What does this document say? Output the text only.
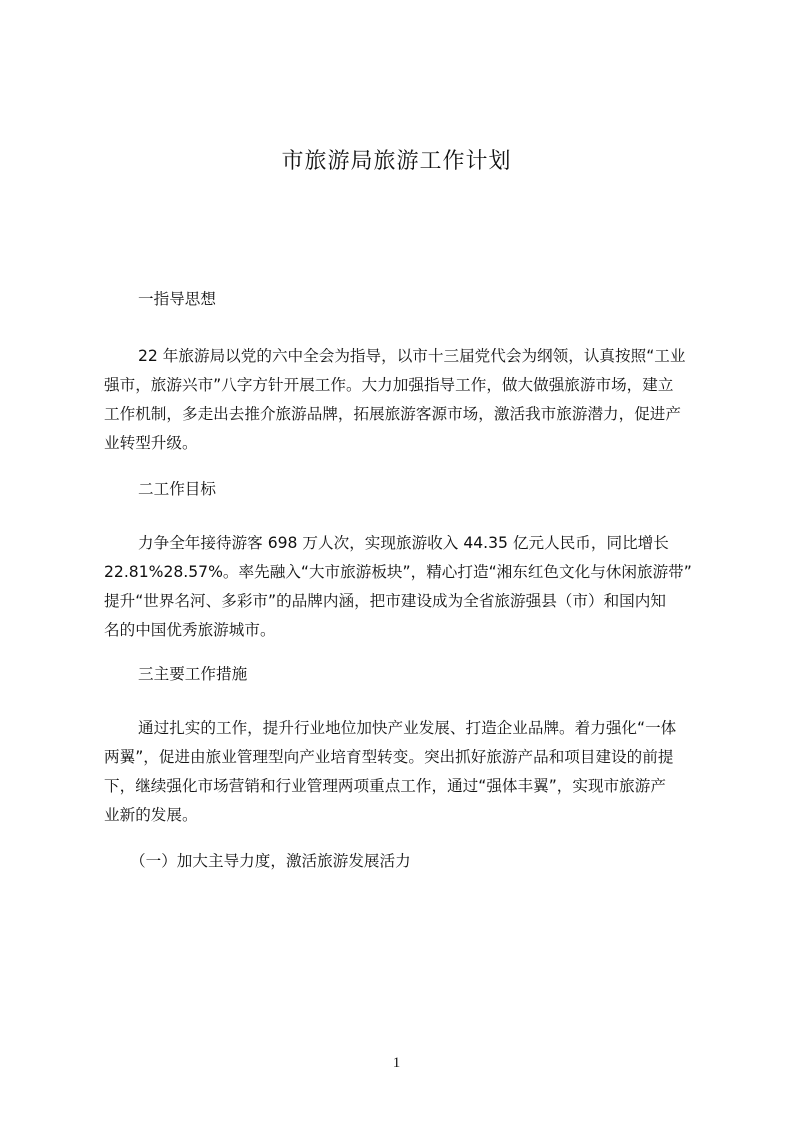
市旅游局旅游工作计划
一指导思想
22 年旅游局以党的六中全会为指导，以市十三届党代会为纲领，认真按照“工业
强市，旅游兴市”八字方针开展工作。大力加强指导工作，做大做强旅游市场，建立
工作机制，多走出去推介旅游品牌，拓展旅游客源市场，激活我市旅游潜力，促进产
业转型升级。
二工作目标
力争全年接待游客 698 万人次，实现旅游收入 44.35 亿元人民币，同比增长
22.81%28.57%。率先融入“大市旅游板块”，精心打造“湘东红色文化与休闲旅游带”
提升“世界名河、多彩市”的品牌内涵，把市建设成为全省旅游强县（市）和国内知
名的中国优秀旅游城市。
三主要工作措施
通过扎实的工作，提升行业地位加快产业发展、打造企业品牌。着力强化“一体
两翼”，促进由旅业管理型向产业培育型转变。突出抓好旅游产品和项目建设的前提
下，继续强化市场营销和行业管理两项重点工作，通过“强体丰翼”，实现市旅游产
业新的发展。
（一）加大主导力度，激活旅游发展活力
1
